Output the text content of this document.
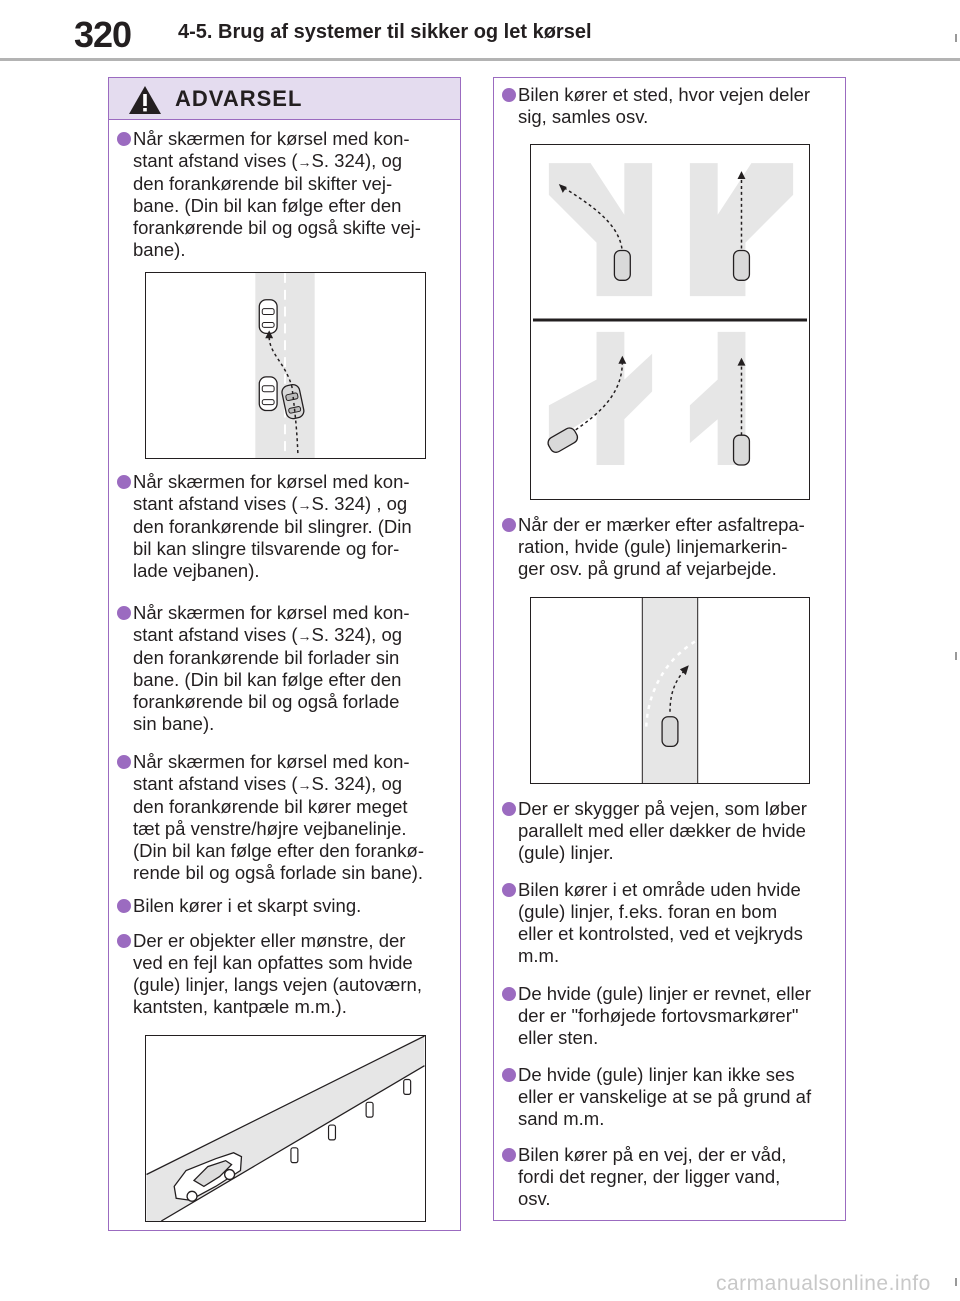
320 4-5. Brug af systemer til sikker og let kørsel
ADVARSEL
Når skærmen for kørsel med kon-
stant afstand vises (→S. 324), og
den forankørende bil skifter vej-
bane. (Din bil kan følge efter den
forankørende bil og også skifte vej-
bane).
Når skærmen for kørsel med kon-
stant afstand vises (→S. 324) , og
den forankørende bil slingrer. (Din
bil kan slingre tilsvarende og for-
lade vejbanen).
Når skærmen for kørsel med kon-
stant afstand vises (→S. 324), og
den forankørende bil forlader sin
bane. (Din bil kan følge efter den
forankørende bil og også forlade
sin bane).
Når skærmen for kørsel med kon-
stant afstand vises (→S. 324), og
den forankørende bil kører meget
tæt på venstre/højre vejbanelinje.
(Din bil kan følge efter den forankø-
rende bil og også forlade sin bane).
Bilen kører i et skarpt sving.
Der er objekter eller mønstre, der
ved en fejl kan opfattes som hvide
(gule) linjer, langs vejen (autoværn,
kantsten, kantpæle m.m.).
Bilen kører et sted, hvor vejen deler
sig, samles osv.
Når der er mærker efter asfaltrepa-
ration, hvide (gule) linjemarkerin-
ger osv. på grund af vejarbejde.
Der er skygger på vejen, som løber
parallelt med eller dækker de hvide
(gule) linjer.
Bilen kører i et område uden hvide
(gule) linjer, f.eks. foran en bom
eller et kontrolsted, ved et vejkryds
m.m.
De hvide (gule) linjer er revnet, eller
der er "forhøjede fortovsmarkører"
eller sten.
De hvide (gule) linjer kan ikke ses
eller er vanskelige at se på grund af
sand m.m.
Bilen kører på en vej, der er våd,
fordi det regner, der ligger vand,
osv.
carmanualsonline.info
